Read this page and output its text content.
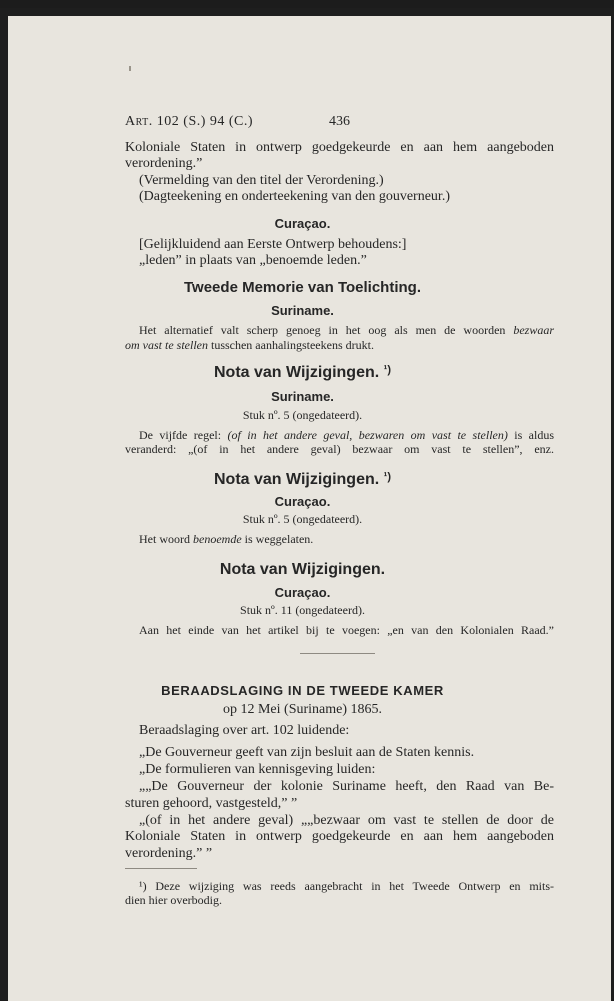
Art. 102 (S.) 94 (C.)	436
Koloniale Staten in ontwerp goedgekeurde en aan hem aangeboden
verordening.”
(Vermelding van den titel der Verordening.)
(Dagteekening en onderteekening van den gouverneur.)
Curaçao.
[Gelijkluidend aan Eerste Ontwerp behoudens:]
„leden” in plaats van „benoemde leden.”
Tweede Memorie van Toelichting.
Suriname.
Het alternatief valt scherp genoeg in het oog als men de woorden bezwaar
om vast te stellen tusschen aanhalingsteekens drukt.
Nota van Wijzigingen. $^{^1)}$
Suriname.
Stuk nº. 5 (ongedateerd).
De vijfde regel: (of in het andere geval, bezwaren om vast te stellen) is aldus
veranderd: „(of in het andere geval) bezwaar om vast te stellen”, enz.
Nota van Wijzigingen. $^{^1)}$
Curaçao.
Stuk nº. 5 (ongedateerd).
Het woord benoemde is weggelaten.
Nota van Wijzigingen.
Curaçao.
Stuk nº. 11 (ongedateerd).
Aan het einde van het artikel bij te voegen: „en van den Kolonialen Raad.”
BERAADSLAGING IN DE TWEEDE KAMER
op 12 Mei (Suriname) 1865.
Beraadslaging over art. 102 luidende:
„De Gouverneur geeft van zijn besluit aan de Staten kennis.
„De formulieren van kennisgeving luiden:
„„De Gouverneur der kolonie Suriname heeft, den Raad van Be-
sturen gehoord, vastgesteld,” ”
„(of in het andere geval) „„bezwaar om vast te stellen de door de
Koloniale Staten in ontwerp goedgekeurde en aan hem aangeboden
verordening.” ”
¹) Deze wijziging was reeds aangebracht in het Tweede Ontwerp en mits-
dien hier overbodig.
